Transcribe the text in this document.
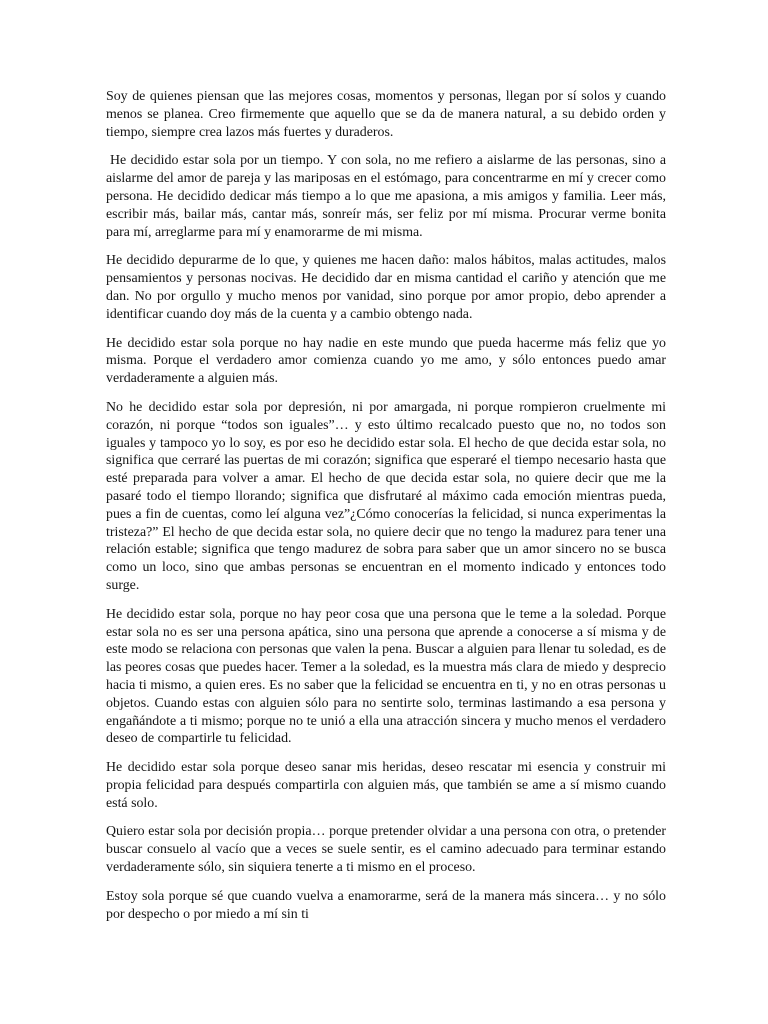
Soy de quienes piensan que las mejores cosas, momentos y personas, llegan por sí solos y cuando menos se planea. Creo firmemente que aquello que se da de manera natural, a su debido orden y tiempo, siempre crea lazos más fuertes y duraderos.

He decidido estar sola por un tiempo. Y con sola, no me refiero a aislarme de las personas, sino a aislarme del amor de pareja y las mariposas en el estómago, para concentrarme en mí y crecer como persona. He decidido dedicar más tiempo a lo que me apasiona, a mis amigos y familia. Leer más, escribir más, bailar más, cantar más, sonreír más, ser feliz por mí misma. Procurar verme bonita para mí, arreglarme para mí y enamorarme de mi misma.

He decidido depurarme de lo que, y quienes me hacen daño: malos hábitos, malas actitudes, malos pensamientos y personas nocivas. He decidido dar en misma cantidad el cariño y atención que me dan. No por orgullo y mucho menos por vanidad, sino porque por amor propio, debo aprender a identificar cuando doy más de la cuenta y a cambio obtengo nada.

He decidido estar sola porque no hay nadie en este mundo que pueda hacerme más feliz que yo misma. Porque el verdadero amor comienza cuando yo me amo, y sólo entonces puedo amar verdaderamente a alguien más.

No he decidido estar sola por depresión, ni por amargada, ni porque rompieron cruelmente mi corazón, ni porque “todos son iguales”… y esto último recalcado puesto que no, no todos son iguales y tampoco yo lo soy, es por eso he decidido estar sola. El hecho de que decida estar sola, no significa que cerraré las puertas de mi corazón; significa que esperaré el tiempo necesario hasta que esté preparada para volver a amar. El hecho de que decida estar sola, no quiere decir que me la pasaré todo el tiempo llorando; significa que disfrutaré al máximo cada emoción mientras pueda, pues a fin de cuentas, como leí alguna vez”¿Cómo conocerías la felicidad, si nunca experimentas la tristeza?” El hecho de que decida estar sola, no quiere decir que no tengo la madurez para tener una relación estable; significa que tengo madurez de sobra para saber que un amor sincero no se busca como un loco, sino que ambas personas se encuentran en el momento indicado y entonces todo surge.

He decidido estar sola, porque no hay peor cosa que una persona que le teme a la soledad. Porque estar sola no es ser una persona apática, sino una persona que aprende a conocerse a sí misma y de este modo se relaciona con personas que valen la pena. Buscar a alguien para llenar tu soledad, es de las peores cosas que puedes hacer. Temer a la soledad, es la muestra más clara de miedo y desprecio hacia ti mismo, a quien eres. Es no saber que la felicidad se encuentra en ti, y no en otras personas u objetos. Cuando estas con alguien sólo para no sentirte solo, terminas lastimando a esa persona y engañándote a ti mismo; porque no te unió a ella una atracción sincera y mucho menos el verdadero deseo de compartirle tu felicidad.

He decidido estar sola porque deseo sanar mis heridas, deseo rescatar mi esencia y construir mi propia felicidad para después compartirla con alguien más, que también se ame a sí mismo cuando está solo.

Quiero estar sola por decisión propia… porque pretender olvidar a una persona con otra, o pretender buscar consuelo al vacío que a veces se suele sentir, es el camino adecuado para terminar estando verdaderamente sólo, sin siquiera tenerte a ti mismo en el proceso.

Estoy sola porque sé que cuando vuelva a enamorarme, será de la manera más sincera… y no sólo por despecho o por miedo a mí sin ti
